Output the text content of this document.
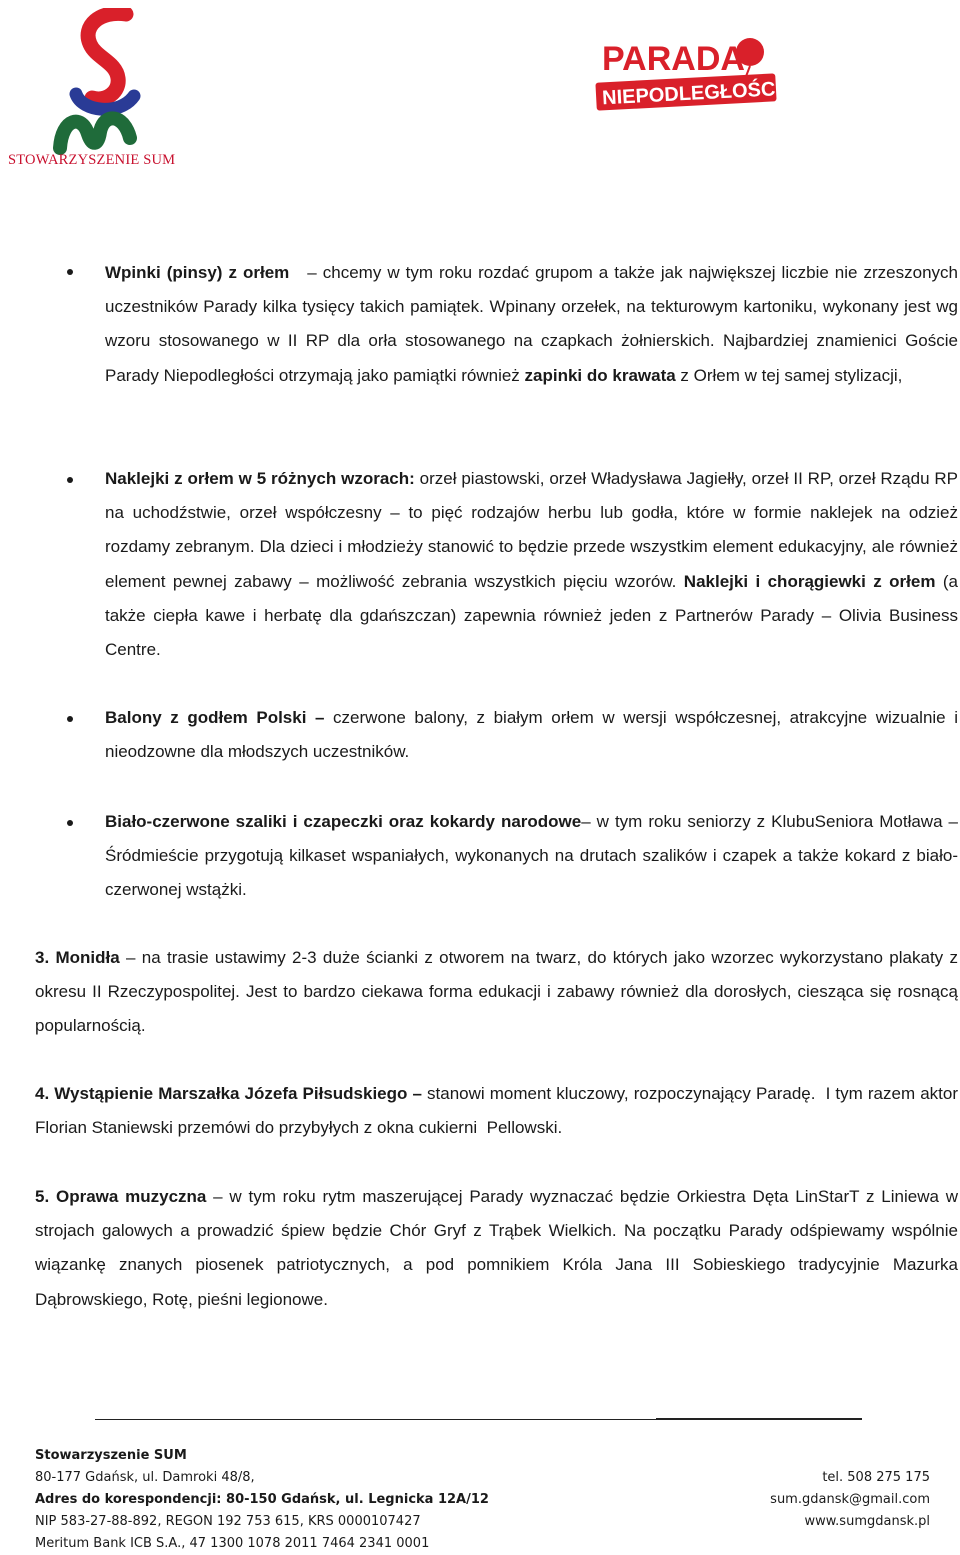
STOWARZYSZENIE SUM
PARADA
NIEPODLEGŁOŚCI
Wpinki (pinsy) z orłem   – chcemy w tym roku rozdać grupom a także jak największej liczbie nie zrzeszonych uczestników Parady kilka tysięcy takich pamiątek. Wpinany orzełek, na tekturowym kartoniku, wykonany jest wg wzoru stosowanego w II RP dla orła stosowanego na czapkach żołnierskich. Najbardziej znamienici Goście Parady Niepodległości otrzymają jako pamiątki również zapinki do krawata z Orłem w tej samej stylizacji,
Naklejki z orłem w 5 różnych wzorach: orzeł piastowski, orzeł Władysława Jagiełły, orzeł II RP, orzeł Rządu RP na uchodźstwie, orzeł współczesny – to pięć rodzajów herbu lub godła, które w formie naklejek na odzież rozdamy zebranym. Dla dzieci i młodzieży stanowić to będzie przede wszystkim element edukacyjny, ale również element pewnej zabawy – możliwość zebrania wszystkich pięciu wzorów. Naklejki i chorągiewki z orłem (a także ciepła kawe i herbatę dla gdańszczan) zapewnia również jeden z Partnerów Parady – Olivia Business Centre.
Balony z godłem Polski – czerwone balony, z białym orłem w wersji współczesnej, atrakcyjne wizualnie i nieodzowne dla młodszych uczestników.
Biało-czerwone szaliki i czapeczki oraz kokardy narodowe– w tym roku seniorzy z KlubuSeniora Motława – Śródmieście przygotują kilkaset wspaniałych, wykonanych na drutach szalików i czapek a także kokard z biało-czerwonej wstążki.
3. Monidła – na trasie ustawimy 2-3 duże ścianki z otworem na twarz, do których jako wzorzec wykorzystano plakaty z okresu II Rzeczypospolitej. Jest to bardzo ciekawa forma edukacji i zabawy również dla dorosłych, ciesząca się rosnącą popularnością.
4. Wystąpienie Marszałka Józefa Piłsudskiego – stanowi moment kluczowy, rozpoczynający Paradę.  I tym razem aktor Florian Staniewski przemówi do przybyłych z okna cukierni  Pellowski.
5. Oprawa muzyczna – w tym roku rytm maszerującej Parady wyznaczać będzie Orkiestra Dęta LinStarT z Liniewa w strojach galowych a prowadzić śpiew będzie Chór Gryf z Trąbek Wielkich. Na początku Parady odśpiewamy wspólnie wiązankę znanych piosenek patriotycznych, a pod pomnikiem Króla Jana III Sobieskiego tradycyjnie Mazurka Dąbrowskiego, Rotę, pieśni legionowe.
Stowarzyszenie SUM
80-177 Gdańsk, ul. Damroki 48/8,	tel. 508 275 175
Adres do korespondencji: 80-150 Gdańsk, ul. Legnicka 12A/12	sum.gdansk@gmail.com
NIP 583-27-88-892, REGON 192 753 615, KRS 0000107427	www.sumgdansk.pl
Meritum Bank ICB S.A., 47 1300 1078 2011 7464 2341 0001
